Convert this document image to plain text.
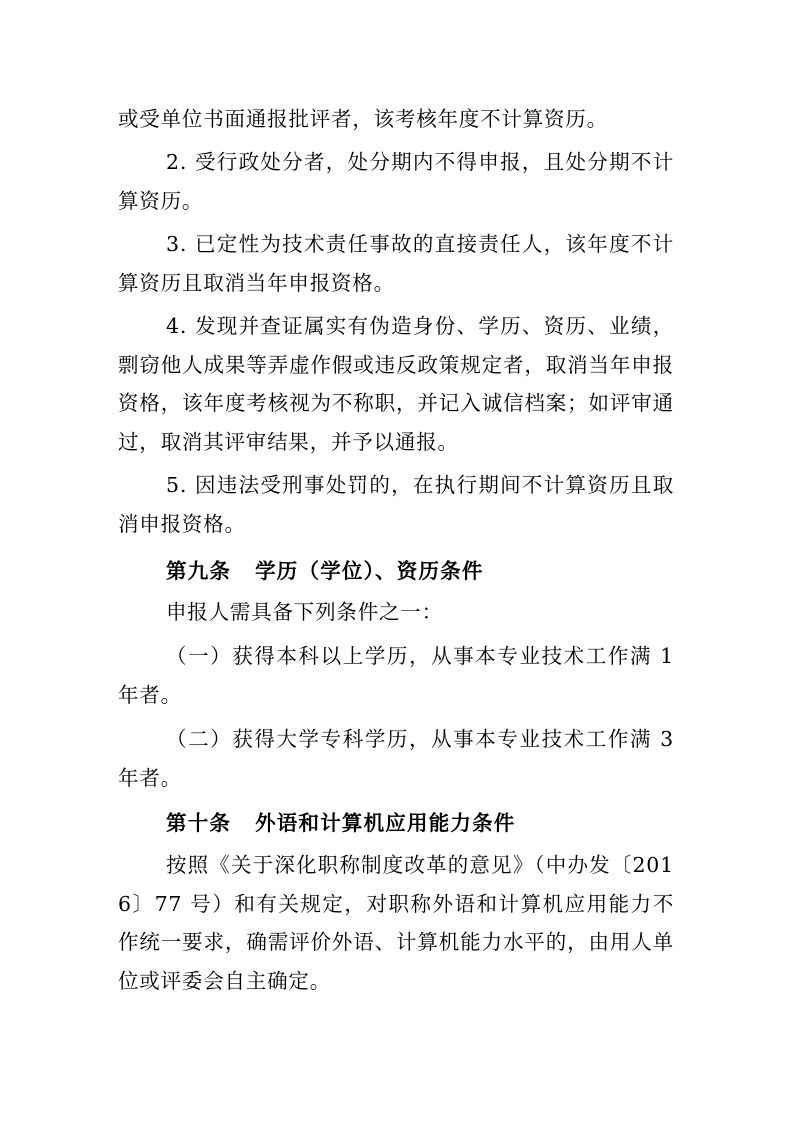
或受单位书面通报批评者，该考核年度不计算资历。

2. 受行政处分者，处分期内不得申报，且处分期不计算资历。

3. 已定性为技术责任事故的直接责任人，该年度不计算资历且取消当年申报资格。

4. 发现并查证属实有伪造身份、学历、资历、业绩，剽窃他人成果等弄虚作假或违反政策规定者，取消当年申报资格，该年度考核视为不称职，并记入诚信档案；如评审通过，取消其评审结果，并予以通报。

5. 因违法受刑事处罚的，在执行期间不计算资历且取消申报资格。

第九条 学历（学位）、资历条件

申报人需具备下列条件之一：

（一）获得本科以上学历，从事本专业技术工作满 1 年者。

（二）获得大学专科学历，从事本专业技术工作满 3 年者。

第十条 外语和计算机应用能力条件

按照《关于深化职称制度改革的意见》（中办发〔2016〕77 号）和有关规定，对职称外语和计算机应用能力不作统一要求，确需评价外语、计算机能力水平的，由用人单位或评委会自主确定。
